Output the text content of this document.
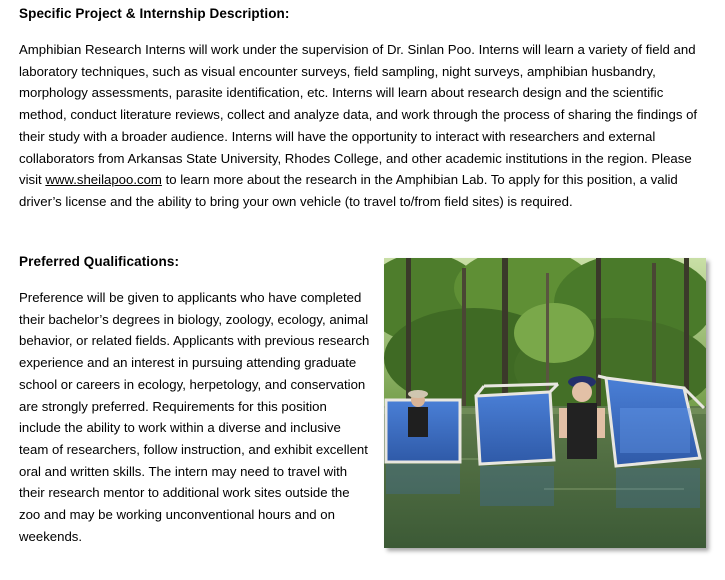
Specific Project & Internship Description:
Amphibian Research Interns will work under the supervision of Dr. Sinlan Poo. Interns will learn a variety of field and laboratory techniques, such as visual encounter surveys, field sampling, night surveys, amphibian husbandry, morphology assessments, parasite identification, etc. Interns will learn about research design and the scientific method, conduct literature reviews, collect and analyze data, and work through the process of sharing the findings of their study with a broader audience. Interns will have the opportunity to interact with researchers and external collaborators from Arkansas State University, Rhodes College, and other academic institutions in the region. Please visit www.sheilapoo.com to learn more about the research in the Amphibian Lab. To apply for this position, a valid driver’s license and the ability to bring your own vehicle (to travel to/from field sites) is required.
Preferred Qualifications:
Preference will be given to applicants who have completed their bachelor’s degrees in biology, zoology, ecology, animal behavior, or related fields. Applicants with previous research experience and an interest in pursuing attending graduate school or careers in ecology, herpetology, and conservation are strongly preferred. Requirements for this position include the ability to work within a diverse and inclusive team of researchers, follow instruction, and exhibit excellent oral and written skills. The intern may need to travel with their research mentor to additional work sites outside the zoo and may be working unconventional hours and on weekends.
